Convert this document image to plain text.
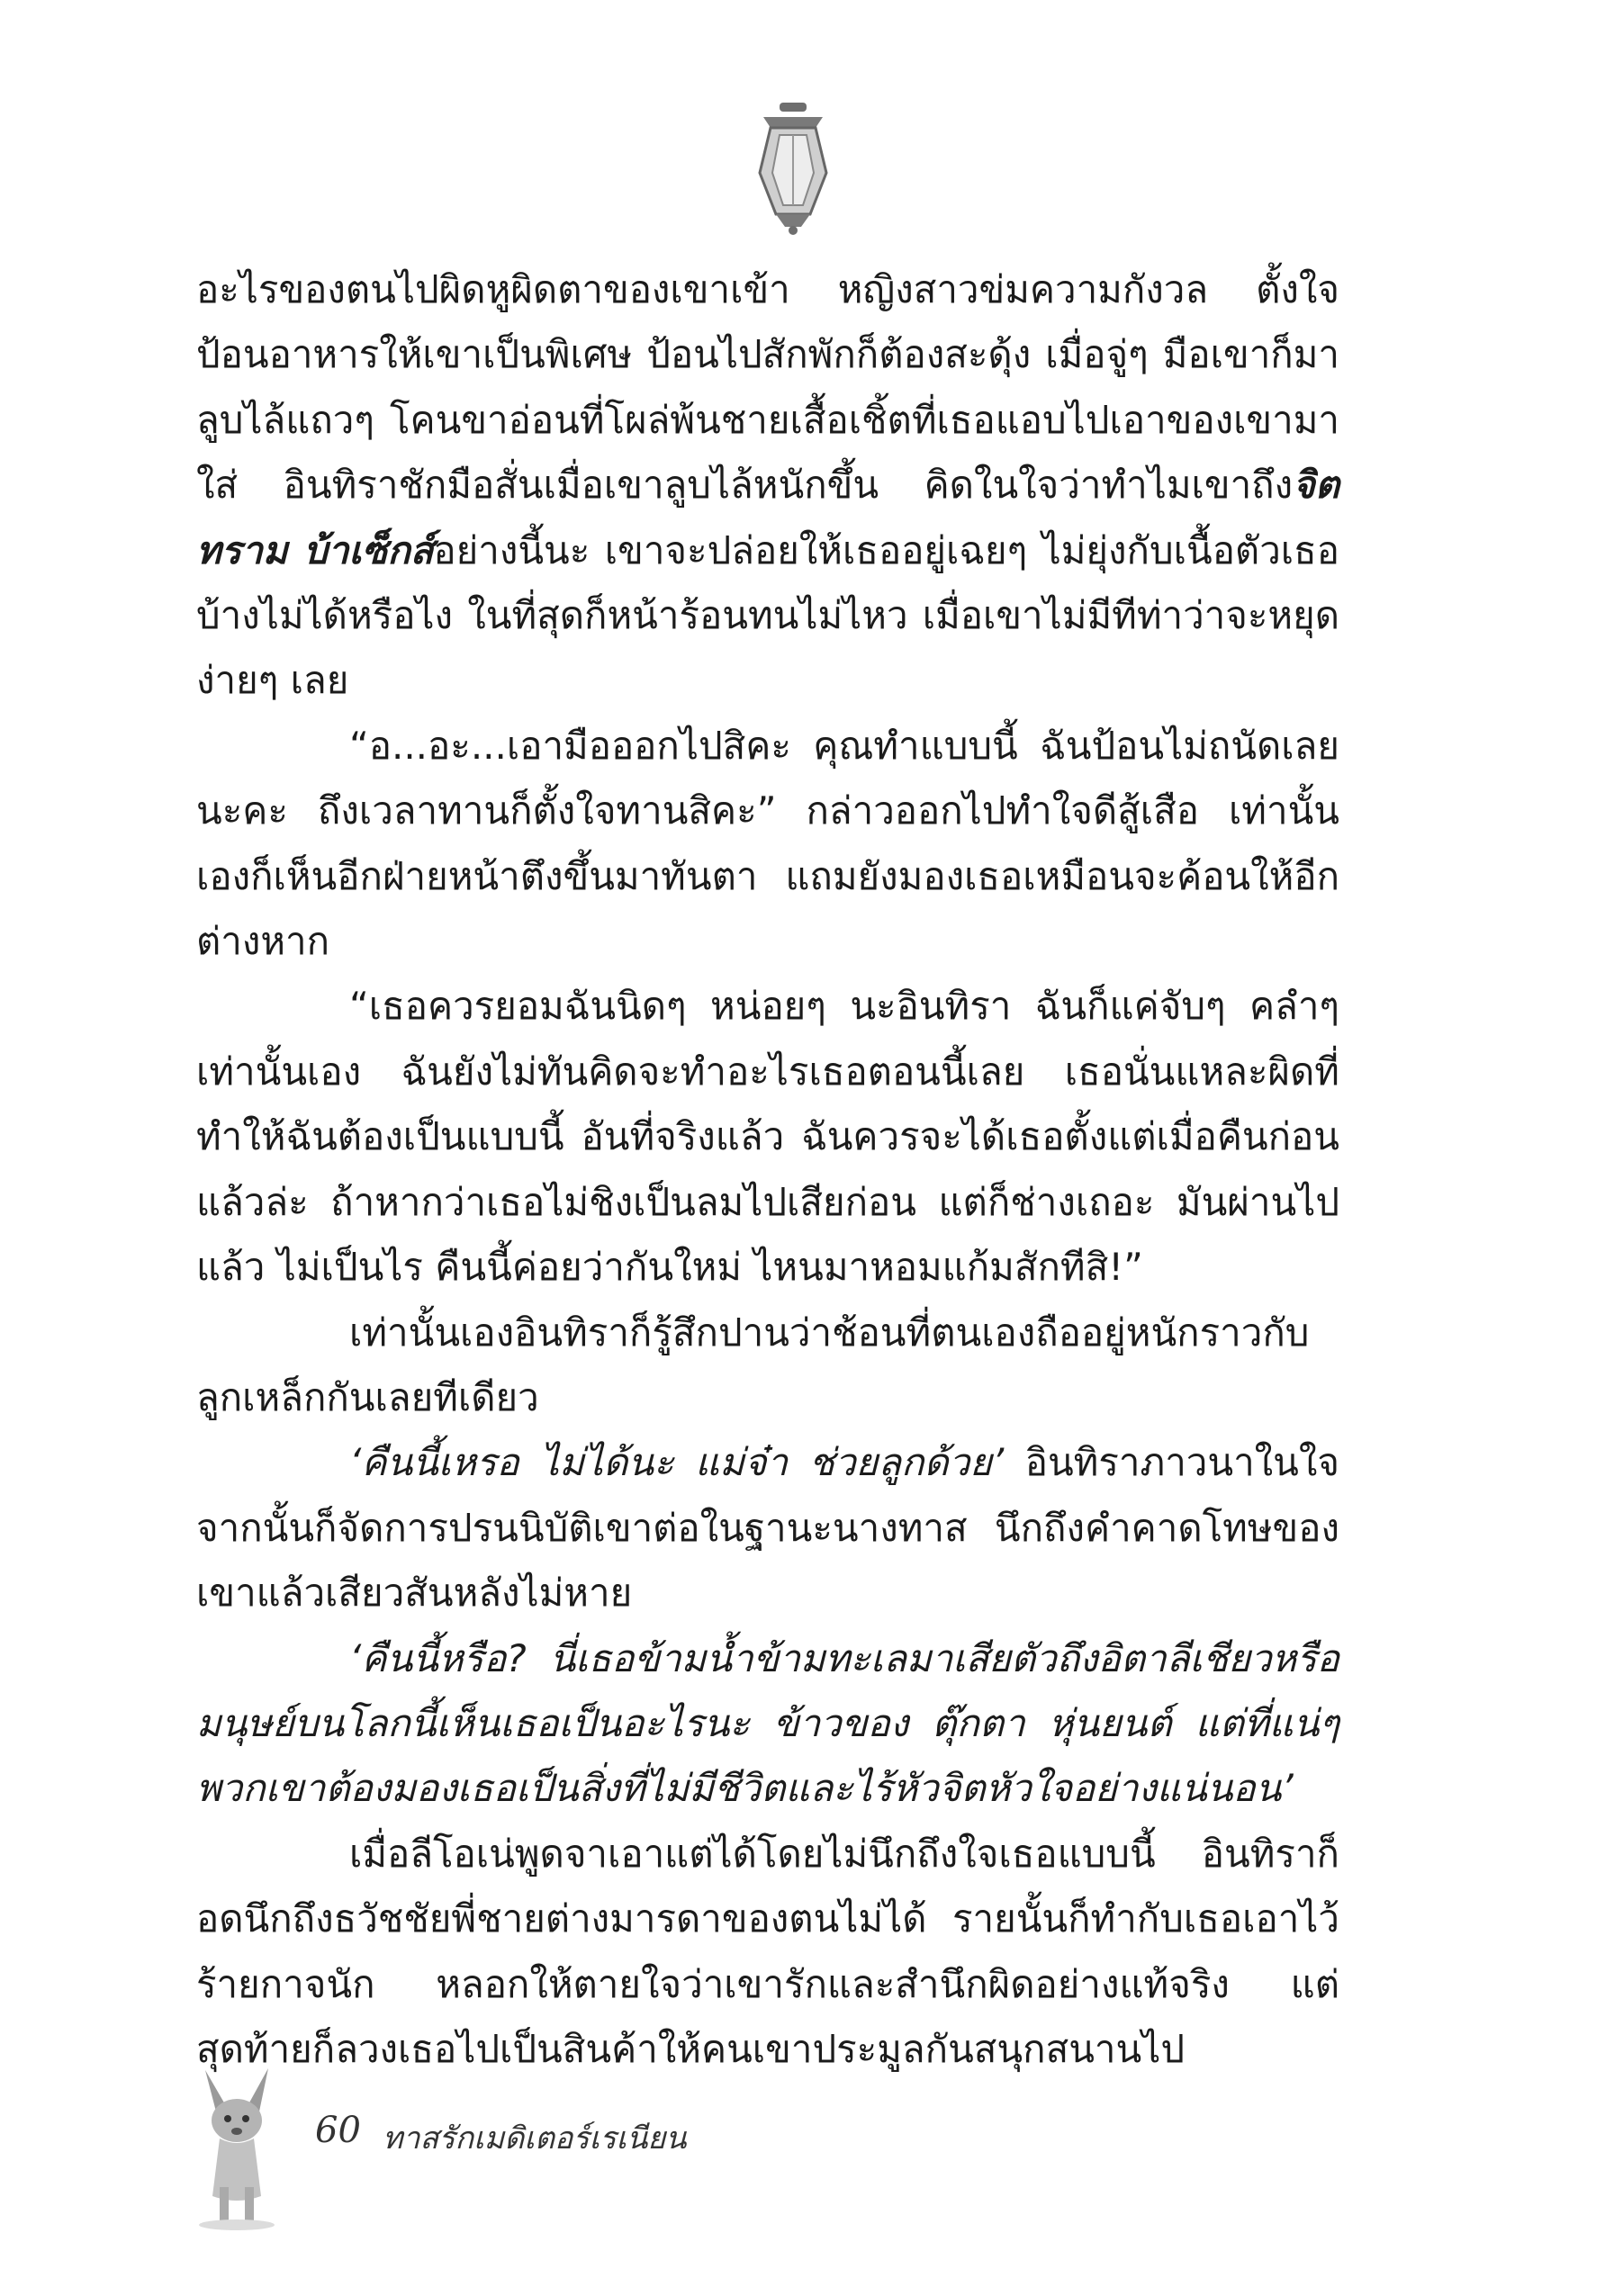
อะไรของตนไปผิดหูผิดตาของเขาเข้า หญิงสาวข่มความกังวล ตั้งใจป้อนอาหารให้เขาเป็นพิเศษ ป้อนไปสักพักก็ต้องสะดุ้ง เมื่อจู่ๆ มือเขาก็มาลูบไล้แถวๆ โคนขาอ่อนที่โผล่พ้นชายเสื้อเชิ้ตที่เธอแอบไปเอาของเขามาใส่ อินทิราชักมือสั่นเมื่อเขาลูบไล้หนักขึ้น คิดในใจว่าทำไมเขาถึงจิตทราม บ้าเซ็กส์อย่างนี้นะ เขาจะปล่อยให้เธออยู่เฉยๆ ไม่ยุ่งกับเนื้อตัวเธอบ้างไม่ได้หรือไง ในที่สุดก็หน้าร้อนทนไม่ไหว เมื่อเขาไม่มีทีท่าว่าจะหยุดง่ายๆ เลย

“อ...อะ...เอามือออกไปสิคะ คุณทำแบบนี้ ฉันป้อนไม่ถนัดเลยนะคะ ถึงเวลาทานก็ตั้งใจทานสิคะ” กล่าวออกไปทำใจดีสู้เสือ เท่านั้นเองก็เห็นอีกฝ่ายหน้าตึงขึ้นมาทันตา แถมยังมองเธอเหมือนจะค้อนให้อีกต่างหาก

“เธอควรยอมฉันนิดๆ หน่อยๆ นะอินทิรา ฉันก็แค่จับๆ คลำๆ เท่านั้นเอง ฉันยังไม่ทันคิดจะทำอะไรเธอตอนนี้เลย เธอนั่นแหละผิดที่ทำให้ฉันต้องเป็นแบบนี้ อันที่จริงแล้ว ฉันควรจะได้เธอตั้งแต่เมื่อคืนก่อนแล้วล่ะ ถ้าหากว่าเธอไม่ชิงเป็นลมไปเสียก่อน แต่ก็ช่างเถอะ มันผ่านไปแล้ว ไม่เป็นไร คืนนี้ค่อยว่ากันใหม่ ไหนมาหอมแก้มสักทีสิ!”

เท่านั้นเองอินทิราก็รู้สึกปานว่าช้อนที่ตนเองถืออยู่หนักราวกับลูกเหล็กกันเลยทีเดียว

‘คืนนี้เหรอ ไม่ได้นะ แม่จ๋า ช่วยลูกด้วย’ อินทิราภาวนาในใจจากนั้นก็จัดการปรนนิบัติเขาต่อในฐานะนางทาส นึกถึงคำคาดโทษของเขาแล้วเสียวสันหลังไม่หาย

‘คืนนี้หรือ? นี่เธอข้ามน้ำข้ามทะเลมาเสียตัวถึงอิตาลีเชียวหรือมนุษย์บนโลกนี้เห็นเธอเป็นอะไรนะ ข้าวของ ตุ๊กตา หุ่นยนต์ แต่ที่แน่ๆ พวกเขาต้องมองเธอเป็นสิ่งที่ไม่มีชีวิตและไร้หัวจิตหัวใจอย่างแน่นอน’

เมื่อลีโอเน่พูดจาเอาแต่ได้โดยไม่นึกถึงใจเธอแบบนี้ อินทิราก็อดนึกถึงธวัชชัยพี่ชายต่างมารดาของตนไม่ได้ รายนั้นก็ทำกับเธอเอาไว้ร้ายกาจนัก หลอกให้ตายใจว่าเขารักและสำนึกผิดอย่างแท้จริง แต่สุดท้ายก็ลวงเธอไปเป็นสินค้าให้คนเขาประมูลกันสนุกสนานไป

60 ทาสรักเมดิเตอร์เรเนียน
